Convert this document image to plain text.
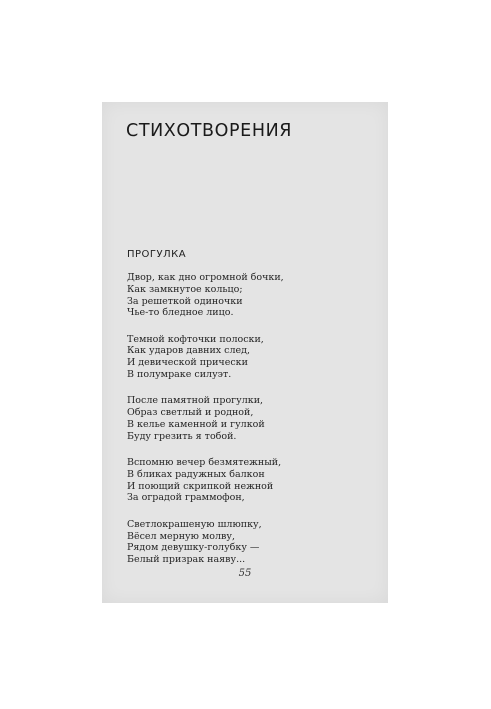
СТИХОТВОРЕНИЯ
ПРОГУЛКА
Двор, как дно огромной бочки,
Как замкнутое кольцо;
За решеткой одиночки
Чье-то бледное лицо.
Темной кофточки полоски,
Как ударов давних след,
И девической прически
В полумраке силуэт.
После памятной прогулки,
Образ светлый и родной,
В келье каменной и гулкой
Буду грезить я тобой.
Вспомню вечер безмятежный,
В бликах радужных балкон
И поющий скрипкой нежной
За оградой граммофон,
Светлокрашеную шлюпку,
Вёсел мерную молву,
Рядом девушку-голубку —
Белый призрак наяву...
55
